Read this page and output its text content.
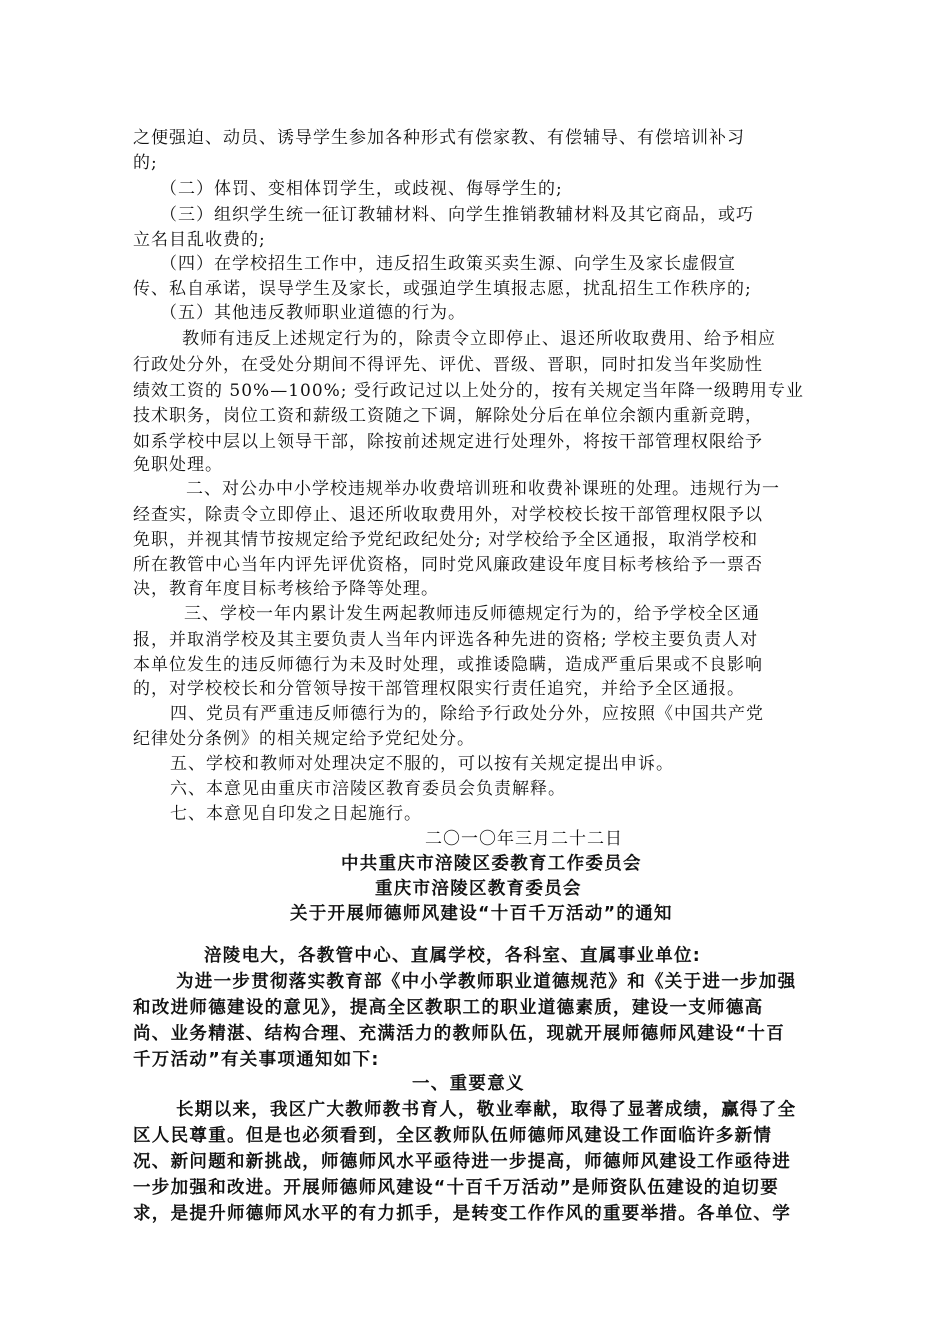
之便强迫、动员、诱导学生参加各种形式有偿家教、有偿辅导、有偿培训补习
的;
（二）体罚、变相体罚学生，或歧视、侮辱学生的;
（三）组织学生统一征订教辅材料、向学生推销教辅材料及其它商品，或巧
立名目乱收费的;
（四）在学校招生工作中，违反招生政策买卖生源、向学生及家长虚假宣
传、私自承诺，误导学生及家长，或强迫学生填报志愿，扰乱招生工作秩序的;
（五）其他违反教师职业道德的行为。
教师有违反上述规定行为的，除责令立即停止、退还所收取费用、给予相应
行政处分外，在受处分期间不得评先、评优、晋级、晋职，同时扣发当年奖励性
绩效工资的 50%—100%; 受行政记过以上处分的，按有关规定当年降一级聘用专业
技术职务，岗位工资和薪级工资随之下调，解除处分后在单位余额内重新竞聘，
如系学校中层以上领导干部，除按前述规定进行处理外，将按干部管理权限给予
免职处理。
二、对公办中小学校违规举办收费培训班和收费补课班的处理。违规行为一
经查实，除责令立即停止、退还所收取费用外，对学校校长按干部管理权限予以
免职，并视其情节按规定给予党纪政纪处分; 对学校给予全区通报，取消学校和
所在教管中心当年内评先评优资格，同时党风廉政建设年度目标考核给予一票否
决，教育年度目标考核给予降等处理。
三、学校一年内累计发生两起教师违反师德规定行为的，给予学校全区通
报，并取消学校及其主要负责人当年内评选各种先进的资格; 学校主要负责人对
本单位发生的违反师德行为未及时处理，或推诿隐瞒，造成严重后果或不良影响
的，对学校校长和分管领导按干部管理权限实行责任追究，并给予全区通报。
四、党员有严重违反师德行为的，除给予行政处分外，应按照《中国共产党
纪律处分条例》的相关规定给予党纪处分。
五、学校和教师对处理决定不服的，可以按有关规定提出申诉。
六、本意见由重庆市涪陵区教育委员会负责解释。
七、本意见自印发之日起施行。
二〇一〇年三月二十二日
中共重庆市涪陵区委教育工作委员会
重庆市涪陵区教育委员会
关于开展师德师风建设“十百千万活动”的通知
涪陵电大，各教管中心、直属学校，各科室、直属事业单位:
为进一步贯彻落实教育部《中小学教师职业道德规范》和《关于进一步加强
和改进师德建设的意见》，提高全区教职工的职业道德素质，建设一支师德高
尚、业务精湛、结构合理、充满活力的教师队伍，现就开展师德师风建设“十百
千万活动”有关事项通知如下:
一、重要意义
长期以来，我区广大教师教书育人，敬业奉献，取得了显著成绩，赢得了全
区人民尊重。但是也必须看到，全区教师队伍师德师风建设工作面临许多新情
况、新问题和新挑战，师德师风水平亟待进一步提高，师德师风建设工作亟待进
一步加强和改进。开展师德师风建设“十百千万活动”是师资队伍建设的迫切要
求，是提升师德师风水平的有力抓手，是转变工作作风的重要举措。各单位、学
